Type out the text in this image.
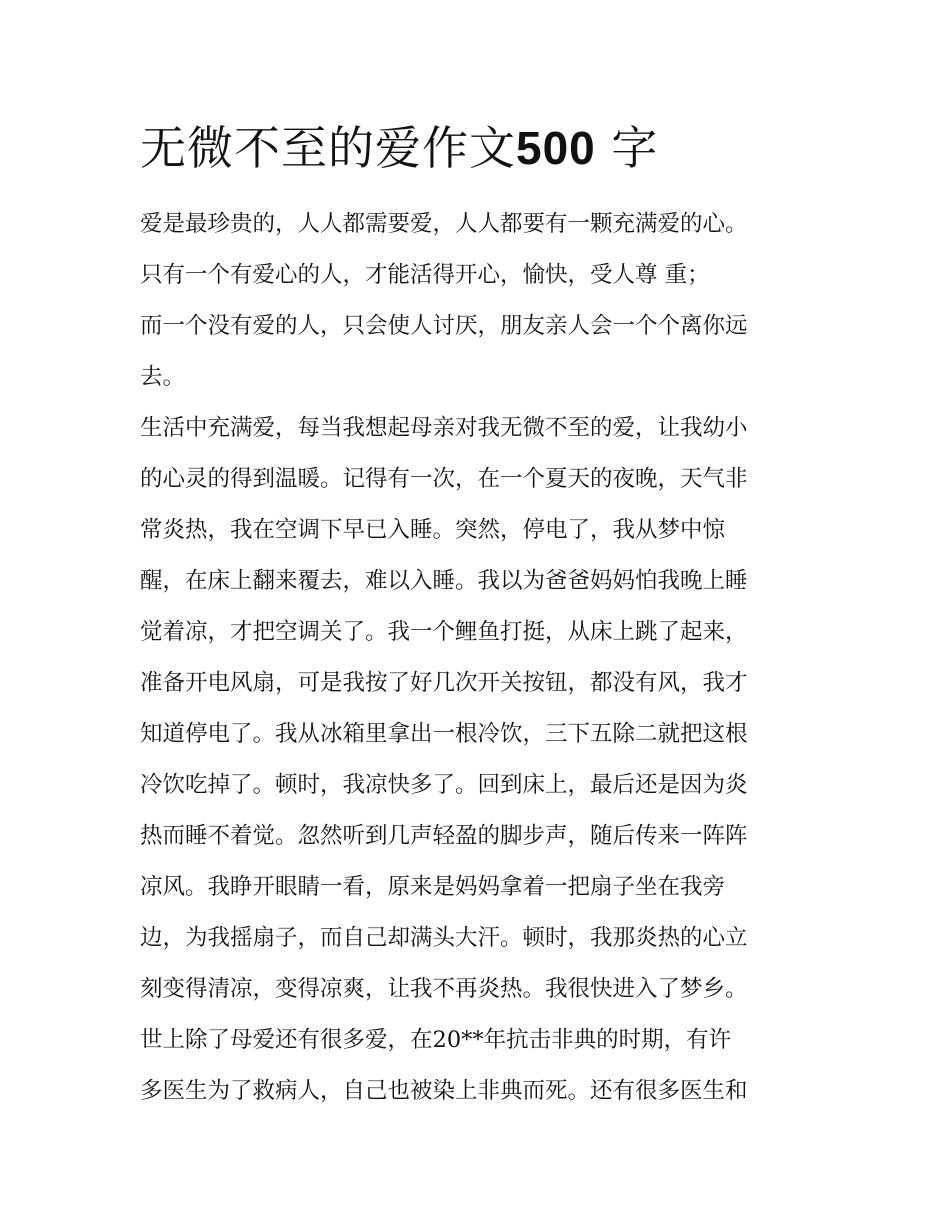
无微不至的爱作文500 字
爱是最珍贵的，人人都需要爱，人人都要有一颗充满爱的心。
只有一个有爱心的人，才能活得开心，愉快，受人尊 重；
而一个没有爱的人，只会使人讨厌，朋友亲人会一个个离你远
去。
生活中充满爱，每当我想起母亲对我无微不至的爱，让我幼小
的心灵的得到温暖。记得有一次，在一个夏天的夜晚，天气非
常炎热，我在空调下早已入睡。突然，停电了，我从梦中惊
醒，在床上翻来覆去，难以入睡。我以为爸爸妈妈怕我晚上睡
觉着凉，才把空调关了。我一个鲤鱼打挺，从床上跳了起来，
准备开电风扇，可是我按了好几次开关按钮，都没有风，我才
知道停电了。我从冰箱里拿出一根冷饮，三下五除二就把这根
冷饮吃掉了。顿时，我凉快多了。回到床上，最后还是因为炎
热而睡不着觉。忽然听到几声轻盈的脚步声，随后传来一阵阵
凉风。我睁开眼睛一看，原来是妈妈拿着一把扇子坐在我旁
边，为我摇扇子，而自己却满头大汗。顿时，我那炎热的心立
刻变得清凉，变得凉爽，让我不再炎热。我很快进入了梦乡。
世上除了母爱还有很多爱，在20**年抗击非典的时期，有许
多医生为了救病人，自己也被染上非典而死。还有很多医生和
